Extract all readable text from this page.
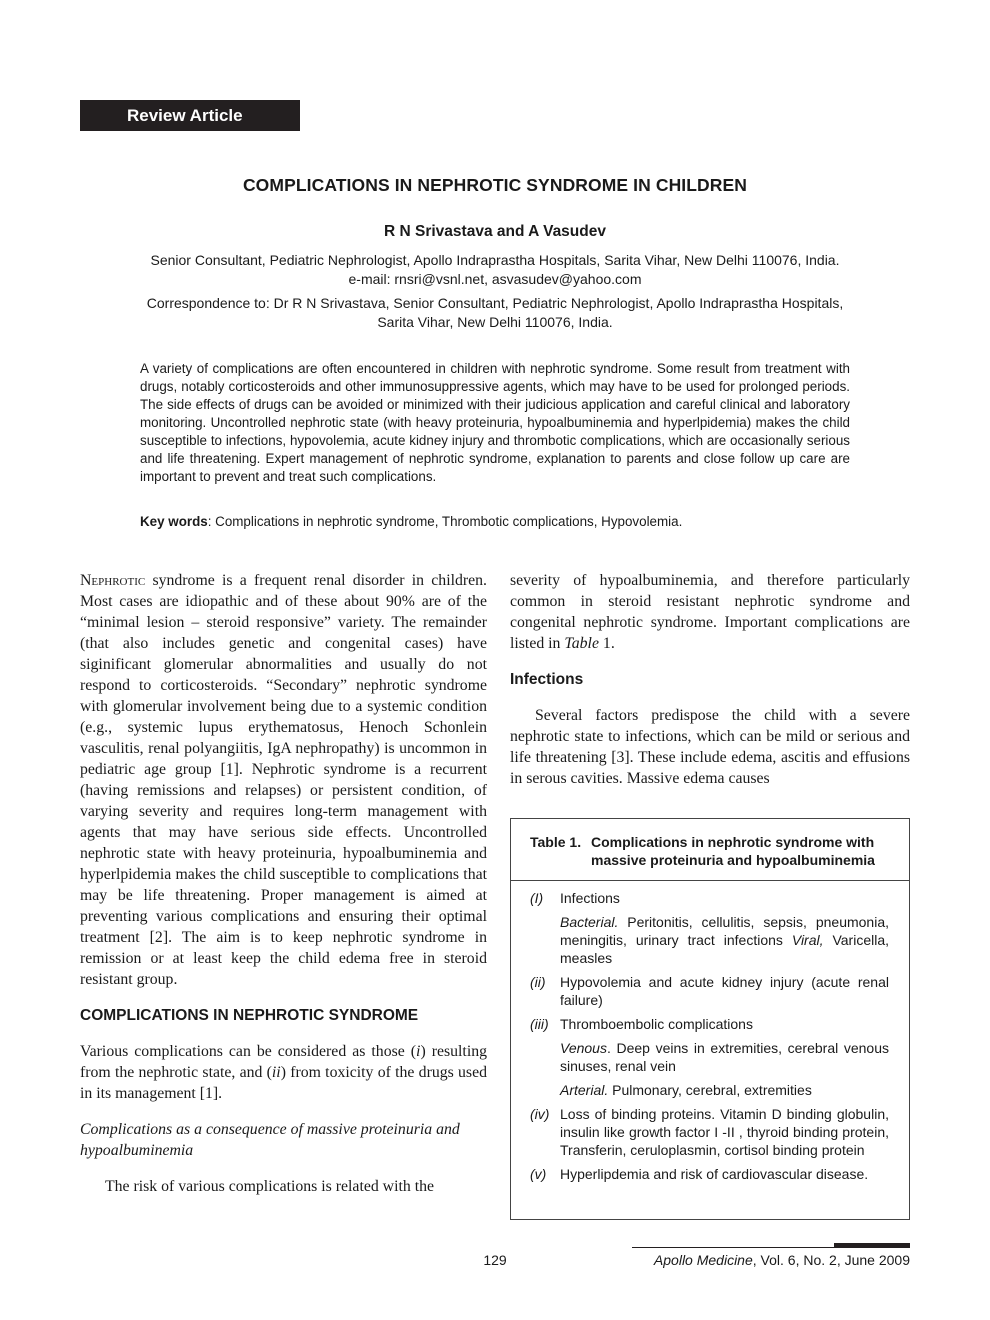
Review Article
COMPLICATIONS IN NEPHROTIC SYNDROME IN CHILDREN
R N Srivastava and A Vasudev
Senior Consultant, Pediatric Nephrologist, Apollo Indraprastha Hospitals, Sarita Vihar, New Delhi 110076, India.
e-mail: rnsri@vsnl.net, asvasudev@yahoo.com
Correspondence to: Dr R N Srivastava, Senior Consultant, Pediatric Nephrologist, Apollo Indraprastha Hospitals,
Sarita Vihar, New Delhi 110076, India.
A variety of complications are often encountered in children with nephrotic syndrome. Some result from treatment with drugs, notably corticosteroids and other immunosuppressive agents, which may have to be used for prolonged periods. The side effects of drugs can be avoided or minimized with their judicious application and careful clinical and laboratory monitoring. Uncontrolled nephrotic state (with heavy proteinuria, hypoalbuminemia and hyperlpidemia) makes the child susceptible to infections, hypovolemia, acute kidney injury and thrombotic complications, which are occasionally serious and life threatening. Expert management of nephrotic syndrome, explanation to parents and close follow up care are important to prevent and treat such complications.
Key words: Complications in nephrotic syndrome, Thrombotic complications, Hypovolemia.

Nephrotic syndrome is a frequent renal disorder in children. Most cases are idiopathic and of these about 90% are of the “minimal lesion – steroid responsive” variety. The remainder (that also includes genetic and congenital cases) have siginificant glomerular abnormalities and usually do not respond to corticosteroids. “Secondary” nephrotic syndrome with glomerular involvement being due to a systemic condition (e.g., systemic lupus erythematosus, Henoch Schonlein vasculitis, renal polyangiitis, IgA nephropathy) is uncommon in pediatric age group [1]. Nephrotic syndrome is a recurrent (having remissions and relapses) or persistent condition, of varying severity and requires long-term management with agents that may have serious side effects. Uncontrolled nephrotic state with heavy proteinuria, hypoalbuminemia and hyperlpidemia makes the child susceptible to complications that may be life threatening. Proper management is aimed at preventing various complications and ensuring their optimal treatment [2]. The aim is to keep nephrotic syndrome in remission or at least keep the child edema free in steroid resistant group.

COMPLICATIONS IN NEPHROTIC SYNDROME

Various complications can be considered as those (i) resulting from the nephrotic state, and (ii) from toxicity of the drugs used in its management [1].

Complications as a consequence of massive proteinuria and hypoalbuminemia

The risk of various complications is related with the

severity of hypoalbuminemia, and therefore particularly common in steroid resistant nephrotic syndrome and congenital nephrotic syndrome. Important complications are listed in Table 1.

Infections

Several factors predispose the child with a severe nephrotic state to infections, which can be mild or serious and life threatening [3]. These include edema, ascitis and effusions in serous cavities. Massive edema causes

Table 1. Complications in nephrotic syndrome with
massive proteinuria and hypoalbuminemia
(I)	Infections

Bacterial. Peritonitis, cellulitis, sepsis, pneumonia, meningitis, urinary tract infections Viral, Varicella, measles

(ii)	Hypovolemia and acute kidney injury (acute renal failure)

(iii) Thromboembolic complications

Venous. Deep veins in extremities, cerebral venous sinuses, renal vein

Arterial. Pulmonary, cerebral, extremities

(iv) Loss of binding proteins. Vitamin D binding globulin, insulin like growth factor I -II , thyroid binding protein, Transferin, ceruloplasmin, cortisol binding protein

(v) Hyperlipdemia and risk of cardiovascular disease.

129	Apollo Medicine, Vol. 6, No. 2, June 2009
